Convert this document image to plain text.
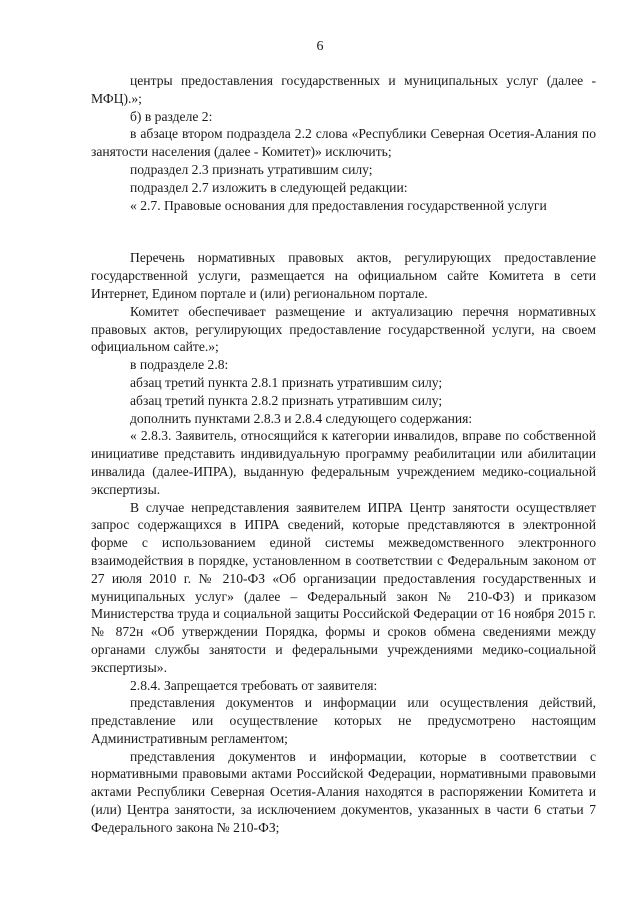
6

центры предоставления государственных и муниципальных услуг (далее - МФЦ).»;

б) в разделе 2:

в абзаце втором подраздела 2.2 слова «Республики Северная Осетия-Алания по занятости населения (далее - Комитет)» исключить;

подраздел 2.3 признать утратившим силу;

подраздел 2.7 изложить в следующей редакции:

« 2.7. Правовые основания для предоставления государственной услуги

Перечень нормативных правовых актов, регулирующих предоставление государственной услуги, размещается на официальном сайте Комитета в сети Интернет, Едином портале и (или) региональном портале.

Комитет обеспечивает размещение и актуализацию перечня нормативных правовых актов, регулирующих предоставление государственной услуги, на своем официальном сайте.»;

в подразделе 2.8:

абзац третий пункта 2.8.1 признать утратившим силу;

абзац третий пункта 2.8.2 признать утратившим силу;

дополнить пунктами 2.8.3 и 2.8.4 следующего содержания:

« 2.8.3. Заявитель, относящийся к категории инвалидов, вправе по собственной инициативе представить индивидуальную программу реабилитации или абилитации инвалида (далее-ИПРА), выданную федеральным учреждением медико-социальной экспертизы.

В случае непредставления заявителем ИПРА Центр занятости осуществляет запрос содержащихся в ИПРА сведений, которые представляются в электронной форме с использованием единой системы межведомственного электронного взаимодействия в порядке, установленном в соответствии с Федеральным законом от 27 июля 2010 г. № 210-ФЗ «Об организации предоставления государственных и муниципальных услуг» (далее – Федеральный закон № 210-ФЗ) и приказом Министерства труда и социальной защиты Российской Федерации от 16 ноября 2015 г. № 872н «Об утверждении Порядка, формы и сроков обмена сведениями между органами службы занятости и федеральными учреждениями медико-социальной экспертизы».

2.8.4. Запрещается требовать от заявителя:

представления документов и информации или осуществления действий, представление или осуществление которых не предусмотрено настоящим Административным регламентом;

представления документов и информации, которые в соответствии с нормативными правовыми актами Российской Федерации, нормативными правовыми актами Республики Северная Осетия-Алания находятся в распоряжении Комитета и (или) Центра занятости, за исключением документов, указанных в части 6 статьи 7 Федерального закона № 210-ФЗ;
